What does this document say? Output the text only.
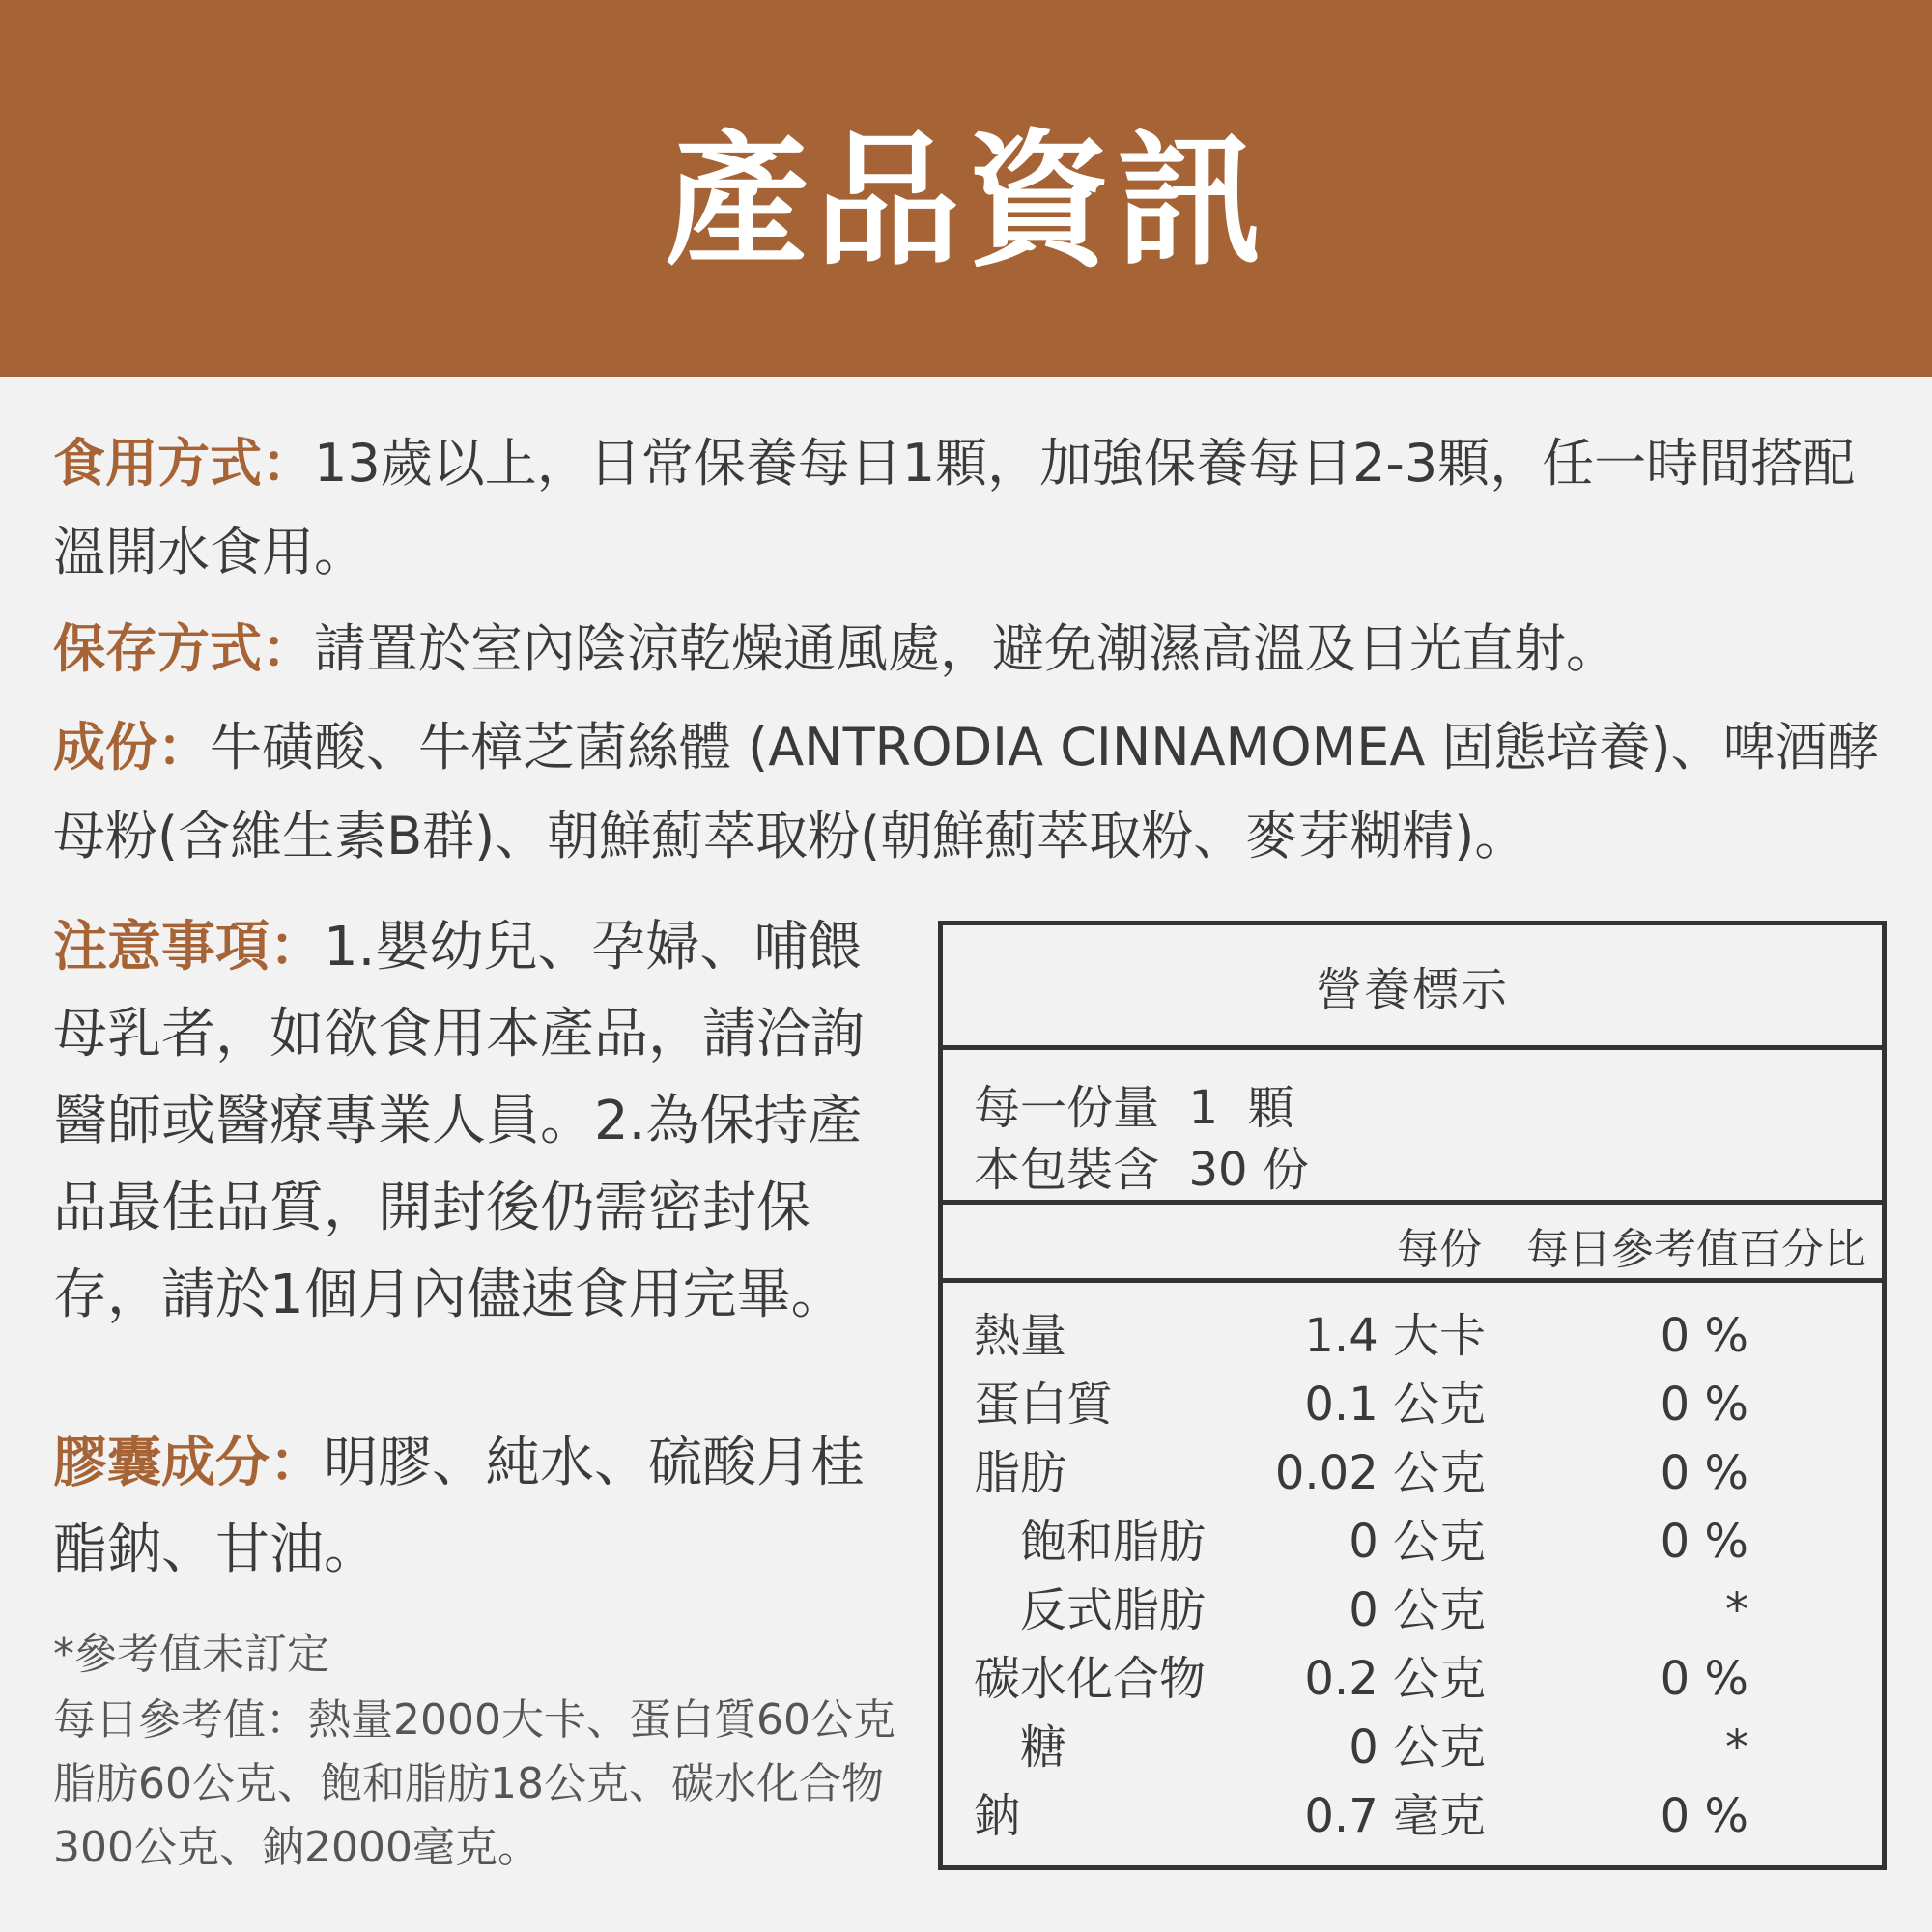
產品資訊

食用方式：13歲以上，日常保養每日1顆，加強保養每日2-3顆，任一時間搭配溫開水食用。

保存方式：請置於室內陰涼乾燥通風處，避免潮濕高溫及日光直射。

成份：牛磺酸、牛樟芝菌絲體 (ANTRODIA CINNAMOMEA 固態培養)、啤酒酵母粉(含維生素B群)、朝鮮薊萃取粉(朝鮮薊萃取粉、麥芽糊精)。

注意事項：1.嬰幼兒、孕婦、哺餵母乳者，如欲食用本產品，請洽詢醫師或醫療專業人員。2.為保持產品最佳品質，開封後仍需密封保存，請於1個月內儘速食用完畢。

膠囊成分：明膠、純水、硫酸月桂酯鈉、甘油。

*參考值未訂定

每日參考值：熱量2000大卡、蛋白質60公克脂肪60公克、飽和脂肪18公克、碳水化合物300公克、鈉2000毫克。

營養標示
每一份量  1  顆
本包裝含  30 份
每份 每日參考值百分比
熱量	1.4 大卡	0 %
蛋白質	0.1 公克	0 %
脂肪	0.02 公克	0 %
飽和脂肪	0 公克	0 %
反式脂肪	0 公克	*
碳水化合物 0.2 公克	0 %
糖	0 公克	*
鈉	0.7 毫克	0 %
